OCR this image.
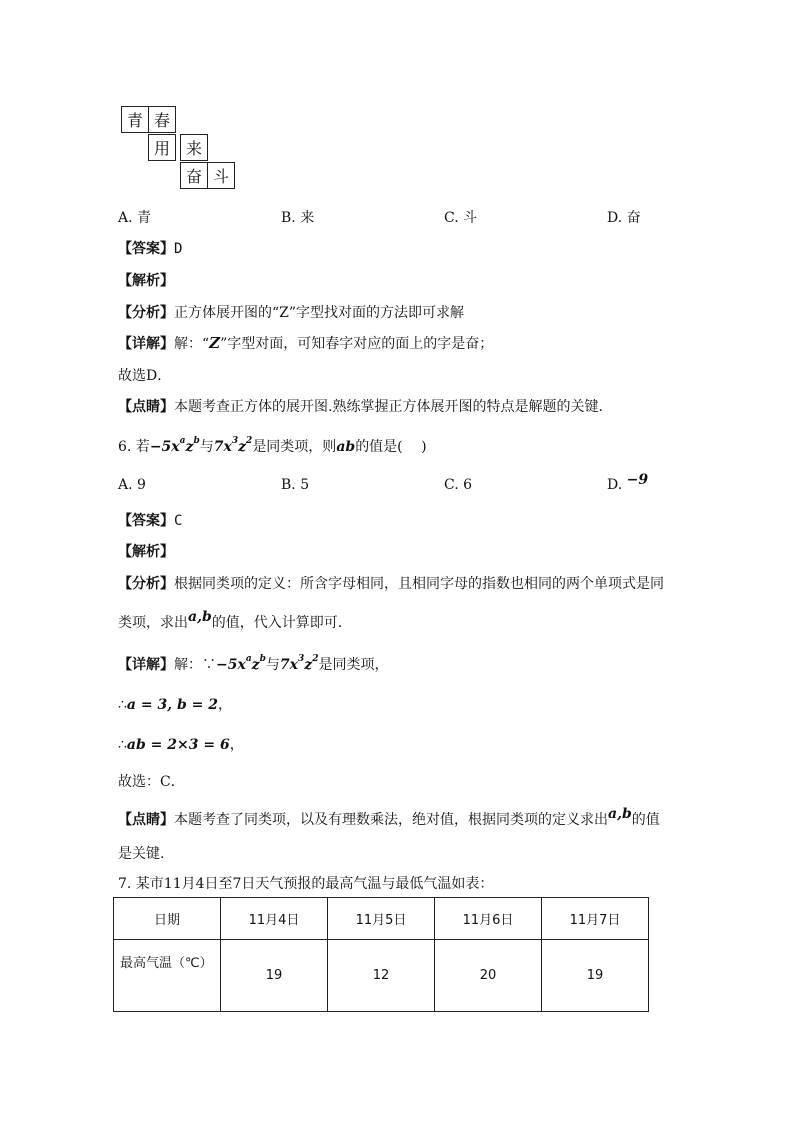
青 春
用 来
奋 斗
A. 青	B. 来	C. 斗	D. 奋
【答案】D
【解析】
【分析】正方体展开图的“Z”字型找对面的方法即可求解
【详解】解：“Z”字型对面，可知春字对应的面上的字是奋；
故选D．
【点睛】本题考查正方体的展开图.熟练掌握正方体展开图的特点是解题的关键.
6. 若$-5x^az^b$与$7x^3z^2$是同类项，则ab的值是(　 )
A. 9	B. 5	C. 6	D. −9
【答案】C
【解析】
【分析】根据同类项的定义：所含字母相同，且相同字母的指数也相同的两个单项式是同
类项，求出a,b的值，代入计算即可.
【详解】解：$\because-5x^az^b$与$7x^3z^2$是同类项，
∴a = 3, b = 2，
∴ab = 2×3 = 6，
故选：C．
【点睛】本题考查了同类项，以及有理数乘法，绝对值，根据同类项的定义求出a,b的值
是关键.
7. 某市11月4日至7日天气预报的最高气温与最低气温如表：
日期	11月4日	11月5日	11月6日	11月7日
最高气温（℃）	19	12	20	19
